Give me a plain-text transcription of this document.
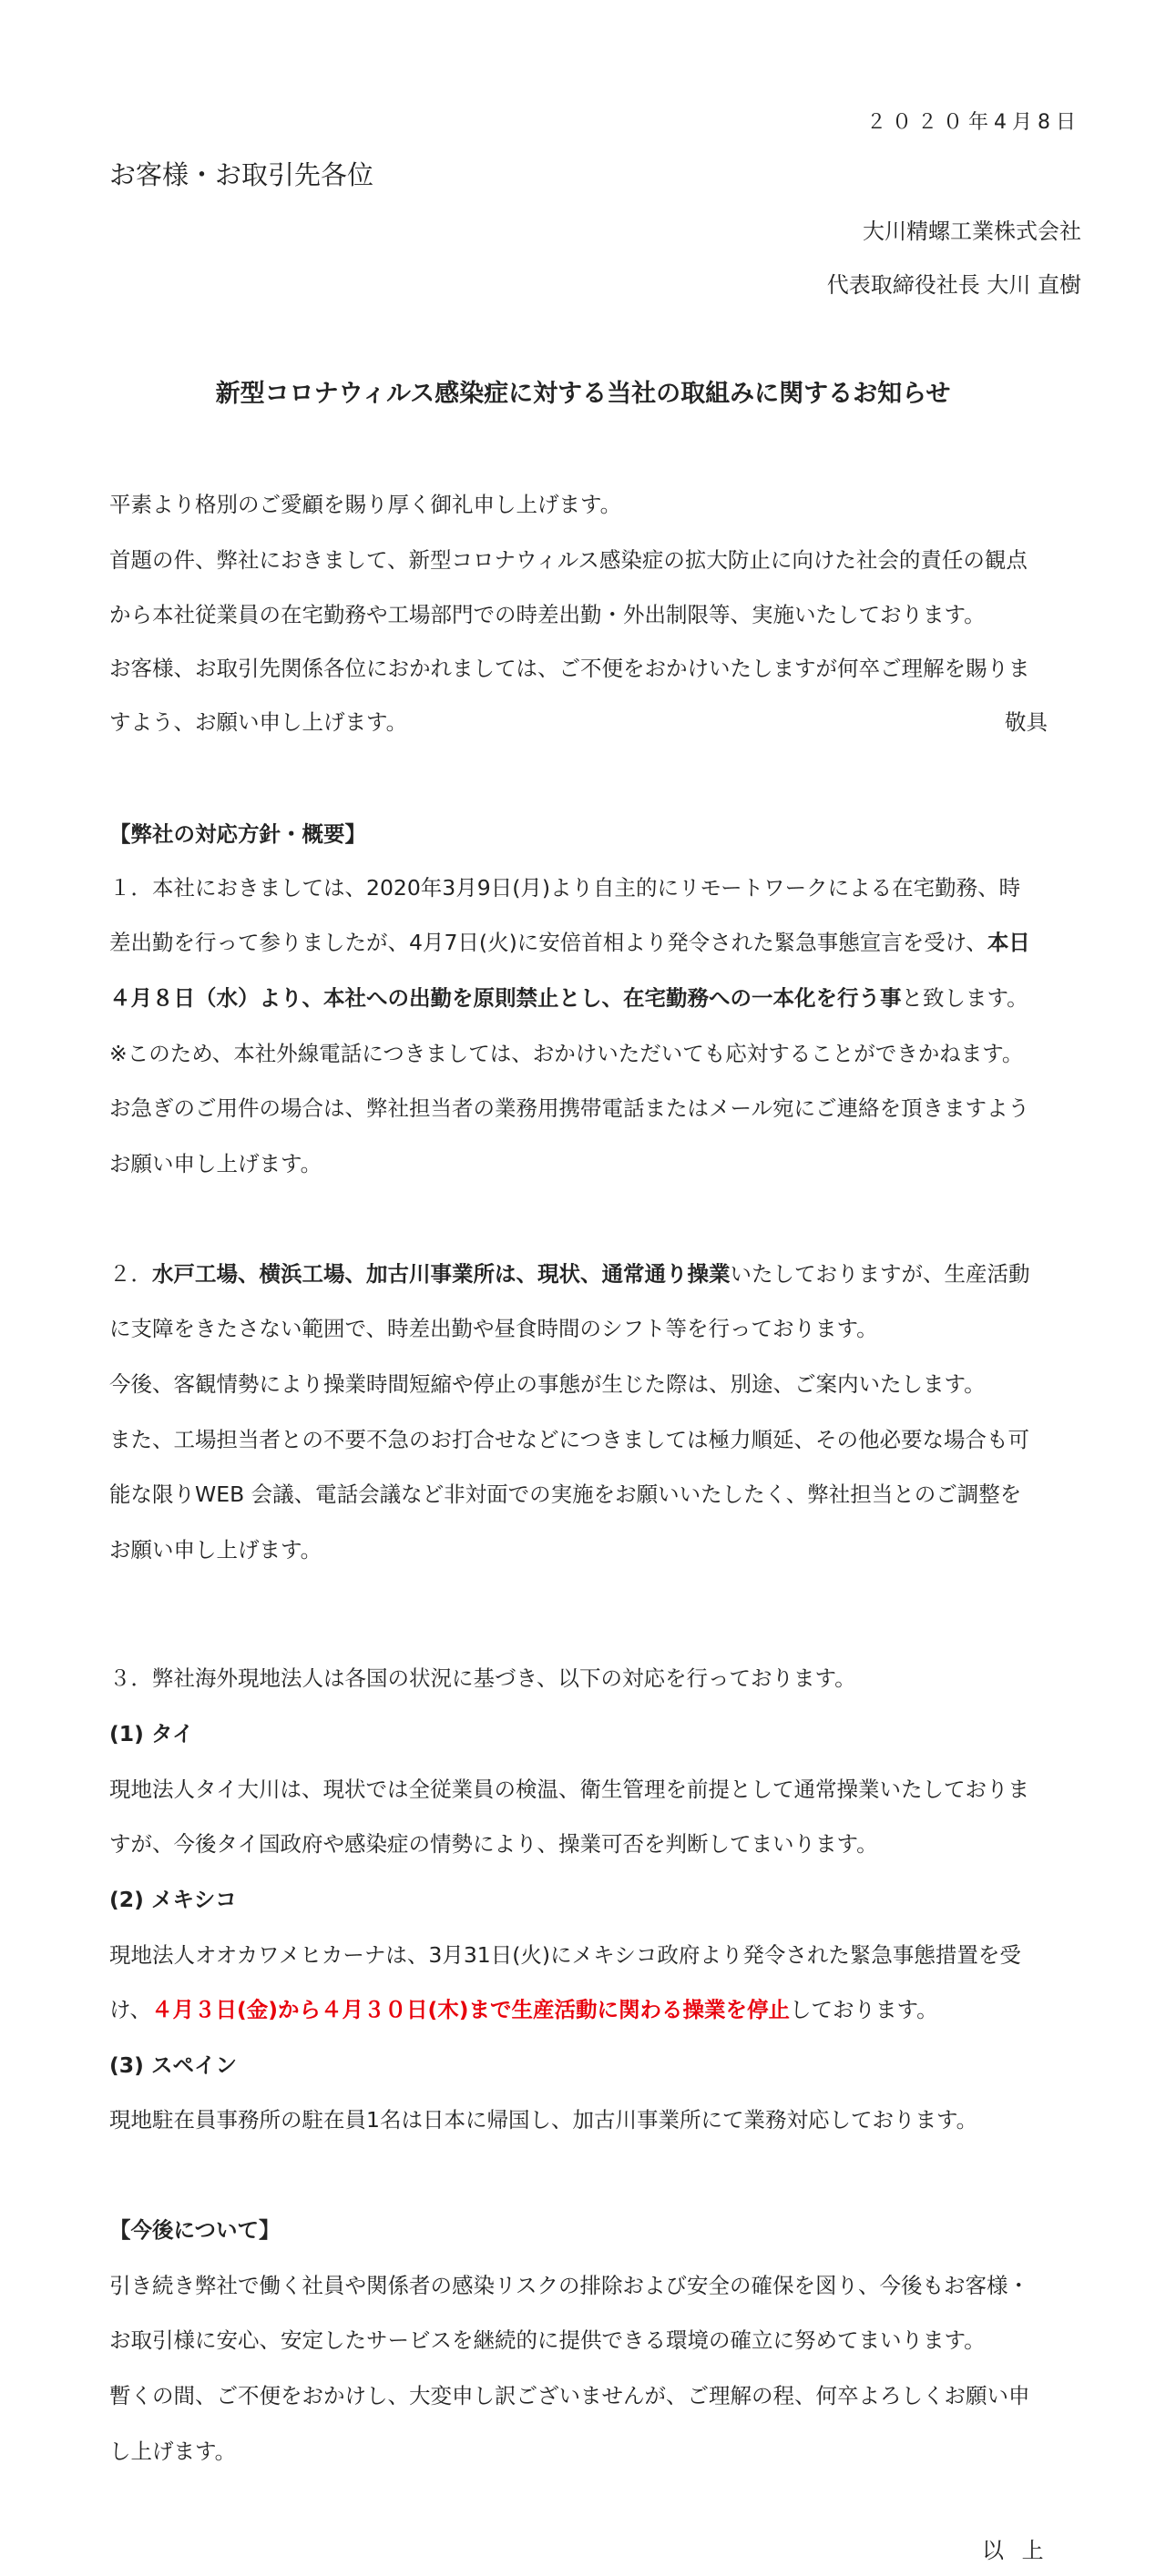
２０２０年4月8日
お客様・お取引先各位
大川精螺工業株式会社
代表取締役社長 大川 直樹
新型コロナウィルス感染症に対する当社の取組みに関するお知らせ
平素より格別のご愛顧を賜り厚く御礼申し上げます。
首題の件、弊社におきまして、新型コロナウィルス感染症の拡大防止に向けた社会的責任の観点
から本社従業員の在宅勤務や工場部門での時差出勤・外出制限等、実施いたしております。
お客様、お取引先関係各位におかれましては、ご不便をおかけいたしますが何卒ご理解を賜りま
すよう、お願い申し上げます。	敬具
【弊社の対応方針・概要】
１．本社におきましては、2020年3月9日(月)より自主的にリモートワークによる在宅勤務、時
差出勤を行って参りましたが、4月7日(火)に安倍首相より発令された緊急事態宣言を受け、本日
４月８日（水）より、本社への出勤を原則禁止とし、在宅勤務への一本化を行う事と致します。
※このため、本社外線電話につきましては、おかけいただいても応対することができかねます。
お急ぎのご用件の場合は、弊社担当者の業務用携帯電話またはメール宛にご連絡を頂きますよう
お願い申し上げます。
２．水戸工場、横浜工場、加古川事業所は、現状、通常通り操業いたしておりますが、生産活動
に支障をきたさない範囲で、時差出勤や昼食時間のシフト等を行っております。
今後、客観情勢により操業時間短縮や停止の事態が生じた際は、別途、ご案内いたします。
また、工場担当者との不要不急のお打合せなどにつきましては極力順延、その他必要な場合も可
能な限りWEB 会議、電話会議など非対面での実施をお願いいたしたく、弊社担当とのご調整を
お願い申し上げます。
３．弊社海外現地法人は各国の状況に基づき、以下の対応を行っております。
(1) タイ
現地法人タイ大川は、現状では全従業員の検温、衛生管理を前提として通常操業いたしておりま
すが、今後タイ国政府や感染症の情勢により、操業可否を判断してまいります。
(2) メキシコ
現地法人オオカワメヒカーナは、3月31日(火)にメキシコ政府より発令された緊急事態措置を受
け、４月３日(金)から４月３０日(木)まで生産活動に関わる操業を停止しております。
(3) スペイン
現地駐在員事務所の駐在員1名は日本に帰国し、加古川事業所にて業務対応しております。
【今後について】
引き続き弊社で働く社員や関係者の感染リスクの排除および安全の確保を図り、今後もお客様・
お取引様に安心、安定したサービスを継続的に提供できる環境の確立に努めてまいります。
暫くの間、ご不便をおかけし、大変申し訳ございませんが、ご理解の程、何卒よろしくお願い申
し上げます。
以 上
